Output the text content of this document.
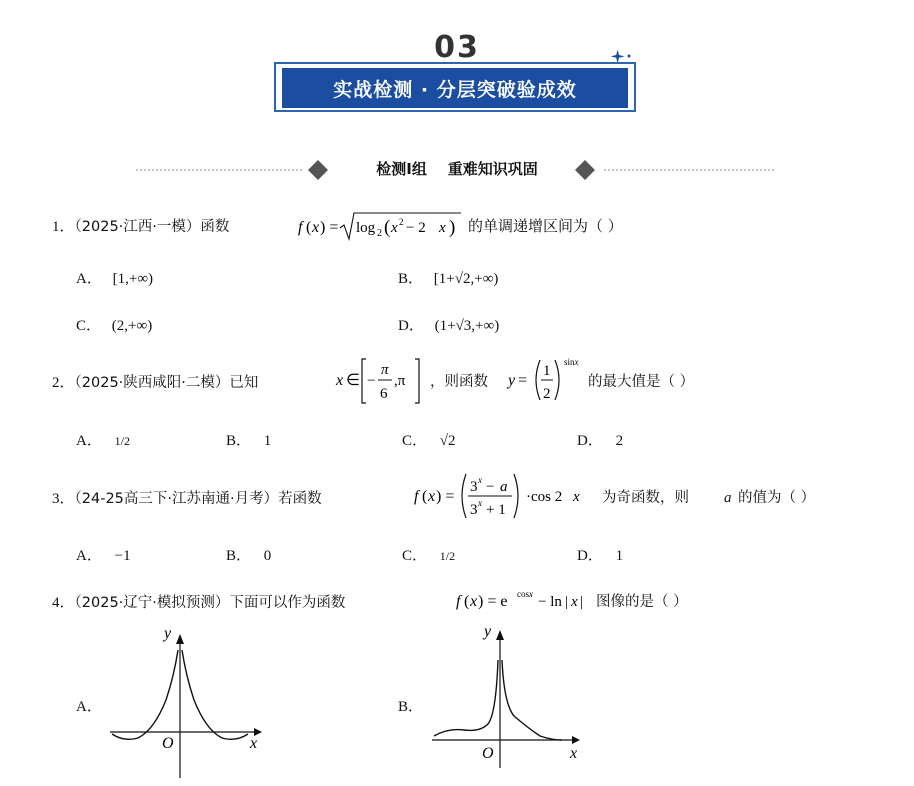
03
实战检测 · 分层突破验成效
检测I组    重难知识巩固
1．（2025·江西·一模）函数	f ( x ) = log 2 ( x 2 − 2 x ) 的单调递增区间为（ ）
A． [1,+∞)	B． [1+√2,+∞)
C． (2,+∞)	D． (1+√3,+∞)
2．（2025·陕西咸阳·二模）已知	x ∈ −
π
6
,π ，则函数 y =
1
2
sinx
的最大值是（ ）
A． 1/2	B． 1	C． √2	D． 2
3．（24-25高三下·江苏南通·月考）若函数	f ( x ) =
3 x − a
3 x + 1
·cos 2 x 为奇函数，则 a 的值为（ ）
A． −1	B． 0	C． 1/2	D． 1
4．（2025·辽宁·模拟预测）下面可以作为函数	f ( x ) = e cosx − ln | x | 图像的是（ ）
A．
y
x
O
B．
y
x
O
